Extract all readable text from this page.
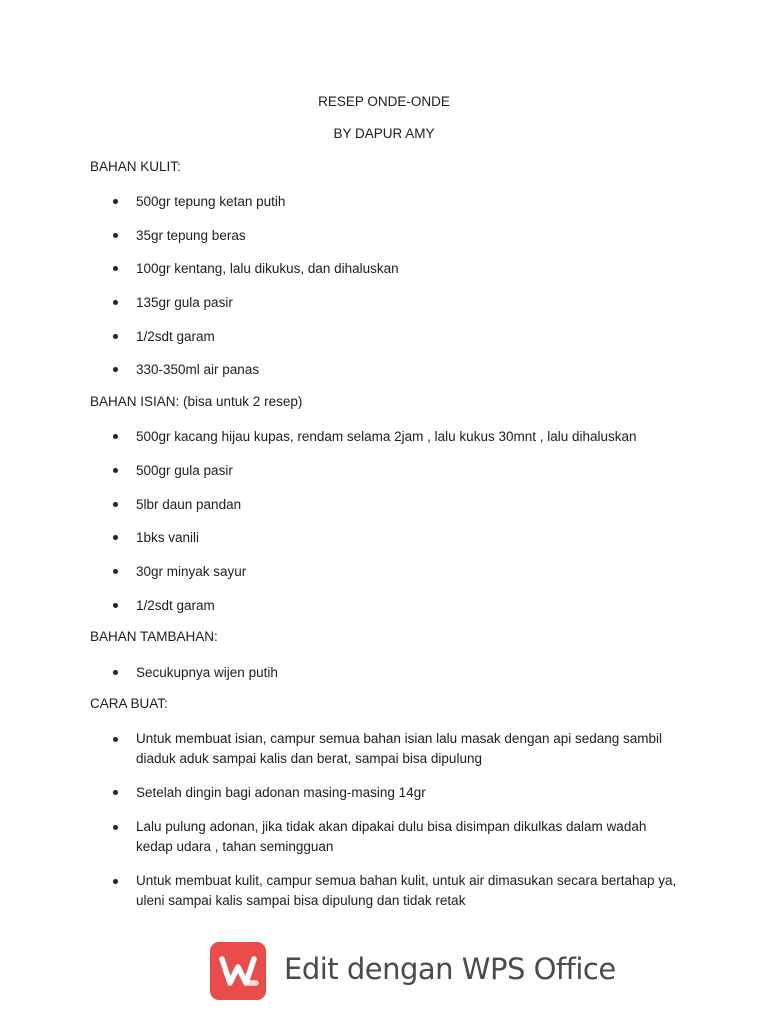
RESEP ONDE-ONDE
BY DAPUR AMY
BAHAN KULIT:
500gr tepung ketan putih
35gr tepung beras
100gr kentang, lalu dikukus, dan dihaluskan
135gr gula pasir
1/2sdt garam
330-350ml air panas
BAHAN ISIAN: (bisa untuk 2 resep)
500gr kacang hijau kupas, rendam selama 2jam , lalu kukus 30mnt , lalu dihaluskan
500gr gula pasir
5lbr daun pandan
1bks vanili
30gr minyak sayur
1/2sdt garam
BAHAN TAMBAHAN:
Secukupnya wijen putih
CARA BUAT:
Untuk membuat isian, campur semua bahan isian lalu masak dengan api sedang sambil diaduk aduk sampai kalis dan berat, sampai bisa dipulung
Setelah dingin bagi adonan masing-masing 14gr
Lalu pulung adonan, jika tidak akan dipakai dulu bisa disimpan dikulkas dalam wadah kedap udara , tahan semingguan
Untuk membuat kulit, campur semua bahan kulit, untuk air dimasukan secara bertahap ya, uleni sampai kalis sampai bisa dipulung dan tidak retak
Edit dengan WPS Office
